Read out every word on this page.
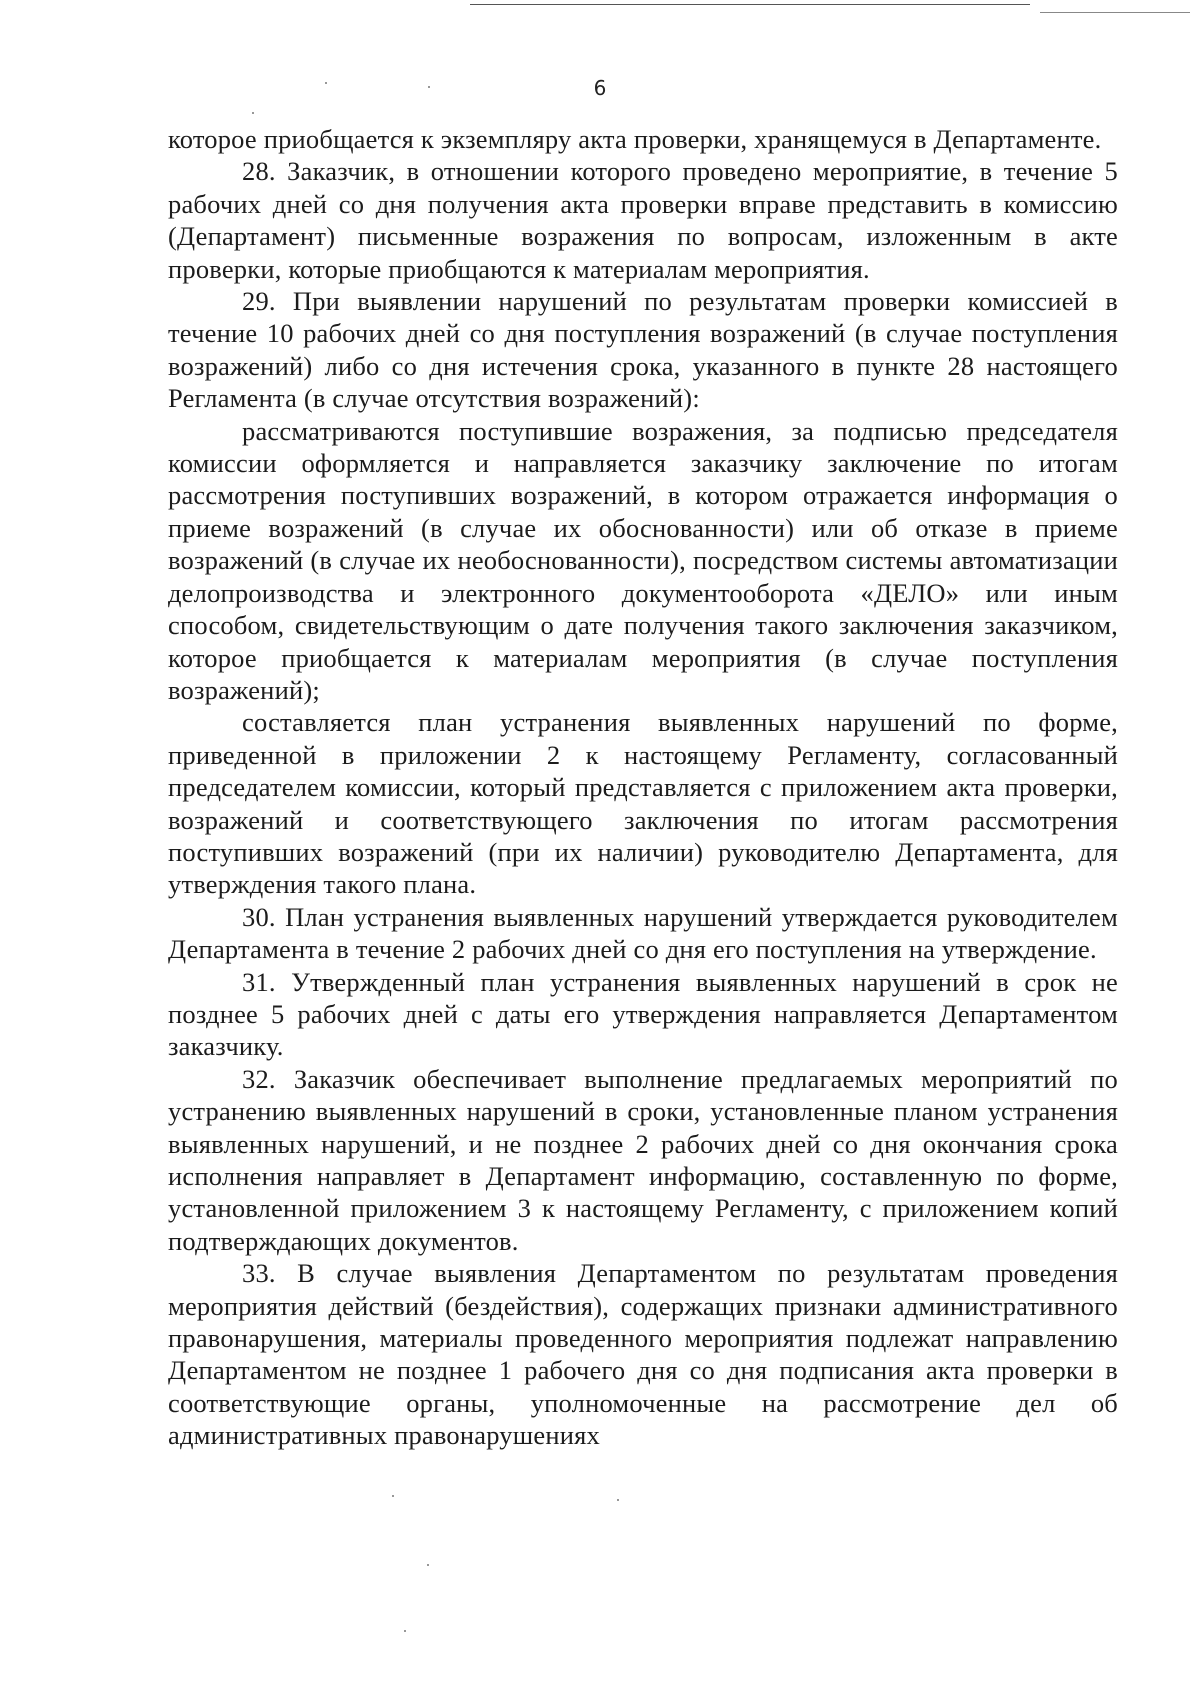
6

которое приобщается к экземпляру акта проверки, хранящемуся в Департаменте.

28. Заказчик, в отношении которого проведено мероприятие, в течение 5 рабочих дней со дня получения акта проверки вправе представить в комиссию (Департамент) письменные возражения по вопросам, изложенным в акте проверки, которые приобщаются к материалам мероприятия.

29. При выявлении нарушений по результатам проверки комиссией в течение 10 рабочих дней со дня поступления возражений (в случае поступления возражений) либо со дня истечения срока, указанного в пункте 28 настоящего Регламента (в случае отсутствия возражений):

рассматриваются поступившие возражения, за подписью председателя комиссии оформляется и направляется заказчику заключение по итогам рассмотрения поступивших возражений, в котором отражается информация о приеме возражений (в случае их обоснованности) или об отказе в приеме возражений (в случае их необоснованности), посредством системы автоматизации делопроизводства и электронного документооборота «ДЕЛО» или иным способом, свидетельствующим о дате получения такого заключения заказчиком, которое приобщается к материалам мероприятия (в случае поступления возражений);

составляется план устранения выявленных нарушений по форме, приведенной в приложении 2 к настоящему Регламенту, согласованный председателем комиссии, который представляется с приложением акта проверки, возражений и соответствующего заключения по итогам рассмотрения поступивших возражений (при их наличии) руководителю Департамента, для утверждения такого плана.

30. План устранения выявленных нарушений утверждается руководителем Департамента в течение 2 рабочих дней со дня его поступления на утверждение.

31. Утвержденный план устранения выявленных нарушений в срок не позднее 5 рабочих дней с даты его утверждения направляется Департаментом заказчику.

32. Заказчик обеспечивает выполнение предлагаемых мероприятий по устранению выявленных нарушений в сроки, установленные планом устранения выявленных нарушений, и не позднее 2 рабочих дней со дня окончания срока исполнения направляет в Департамент информацию, составленную по форме, установленной приложением 3 к настоящему Регламенту, с приложением копий подтверждающих документов.

33. В случае выявления Департаментом по результатам проведения мероприятия действий (бездействия), содержащих признаки административного правонарушения, материалы проведенного мероприятия подлежат направлению Департаментом не позднее 1 рабочего дня со дня подписания акта проверки в соответствующие органы, уполномоченные на рассмотрение дел об административных правонарушениях
